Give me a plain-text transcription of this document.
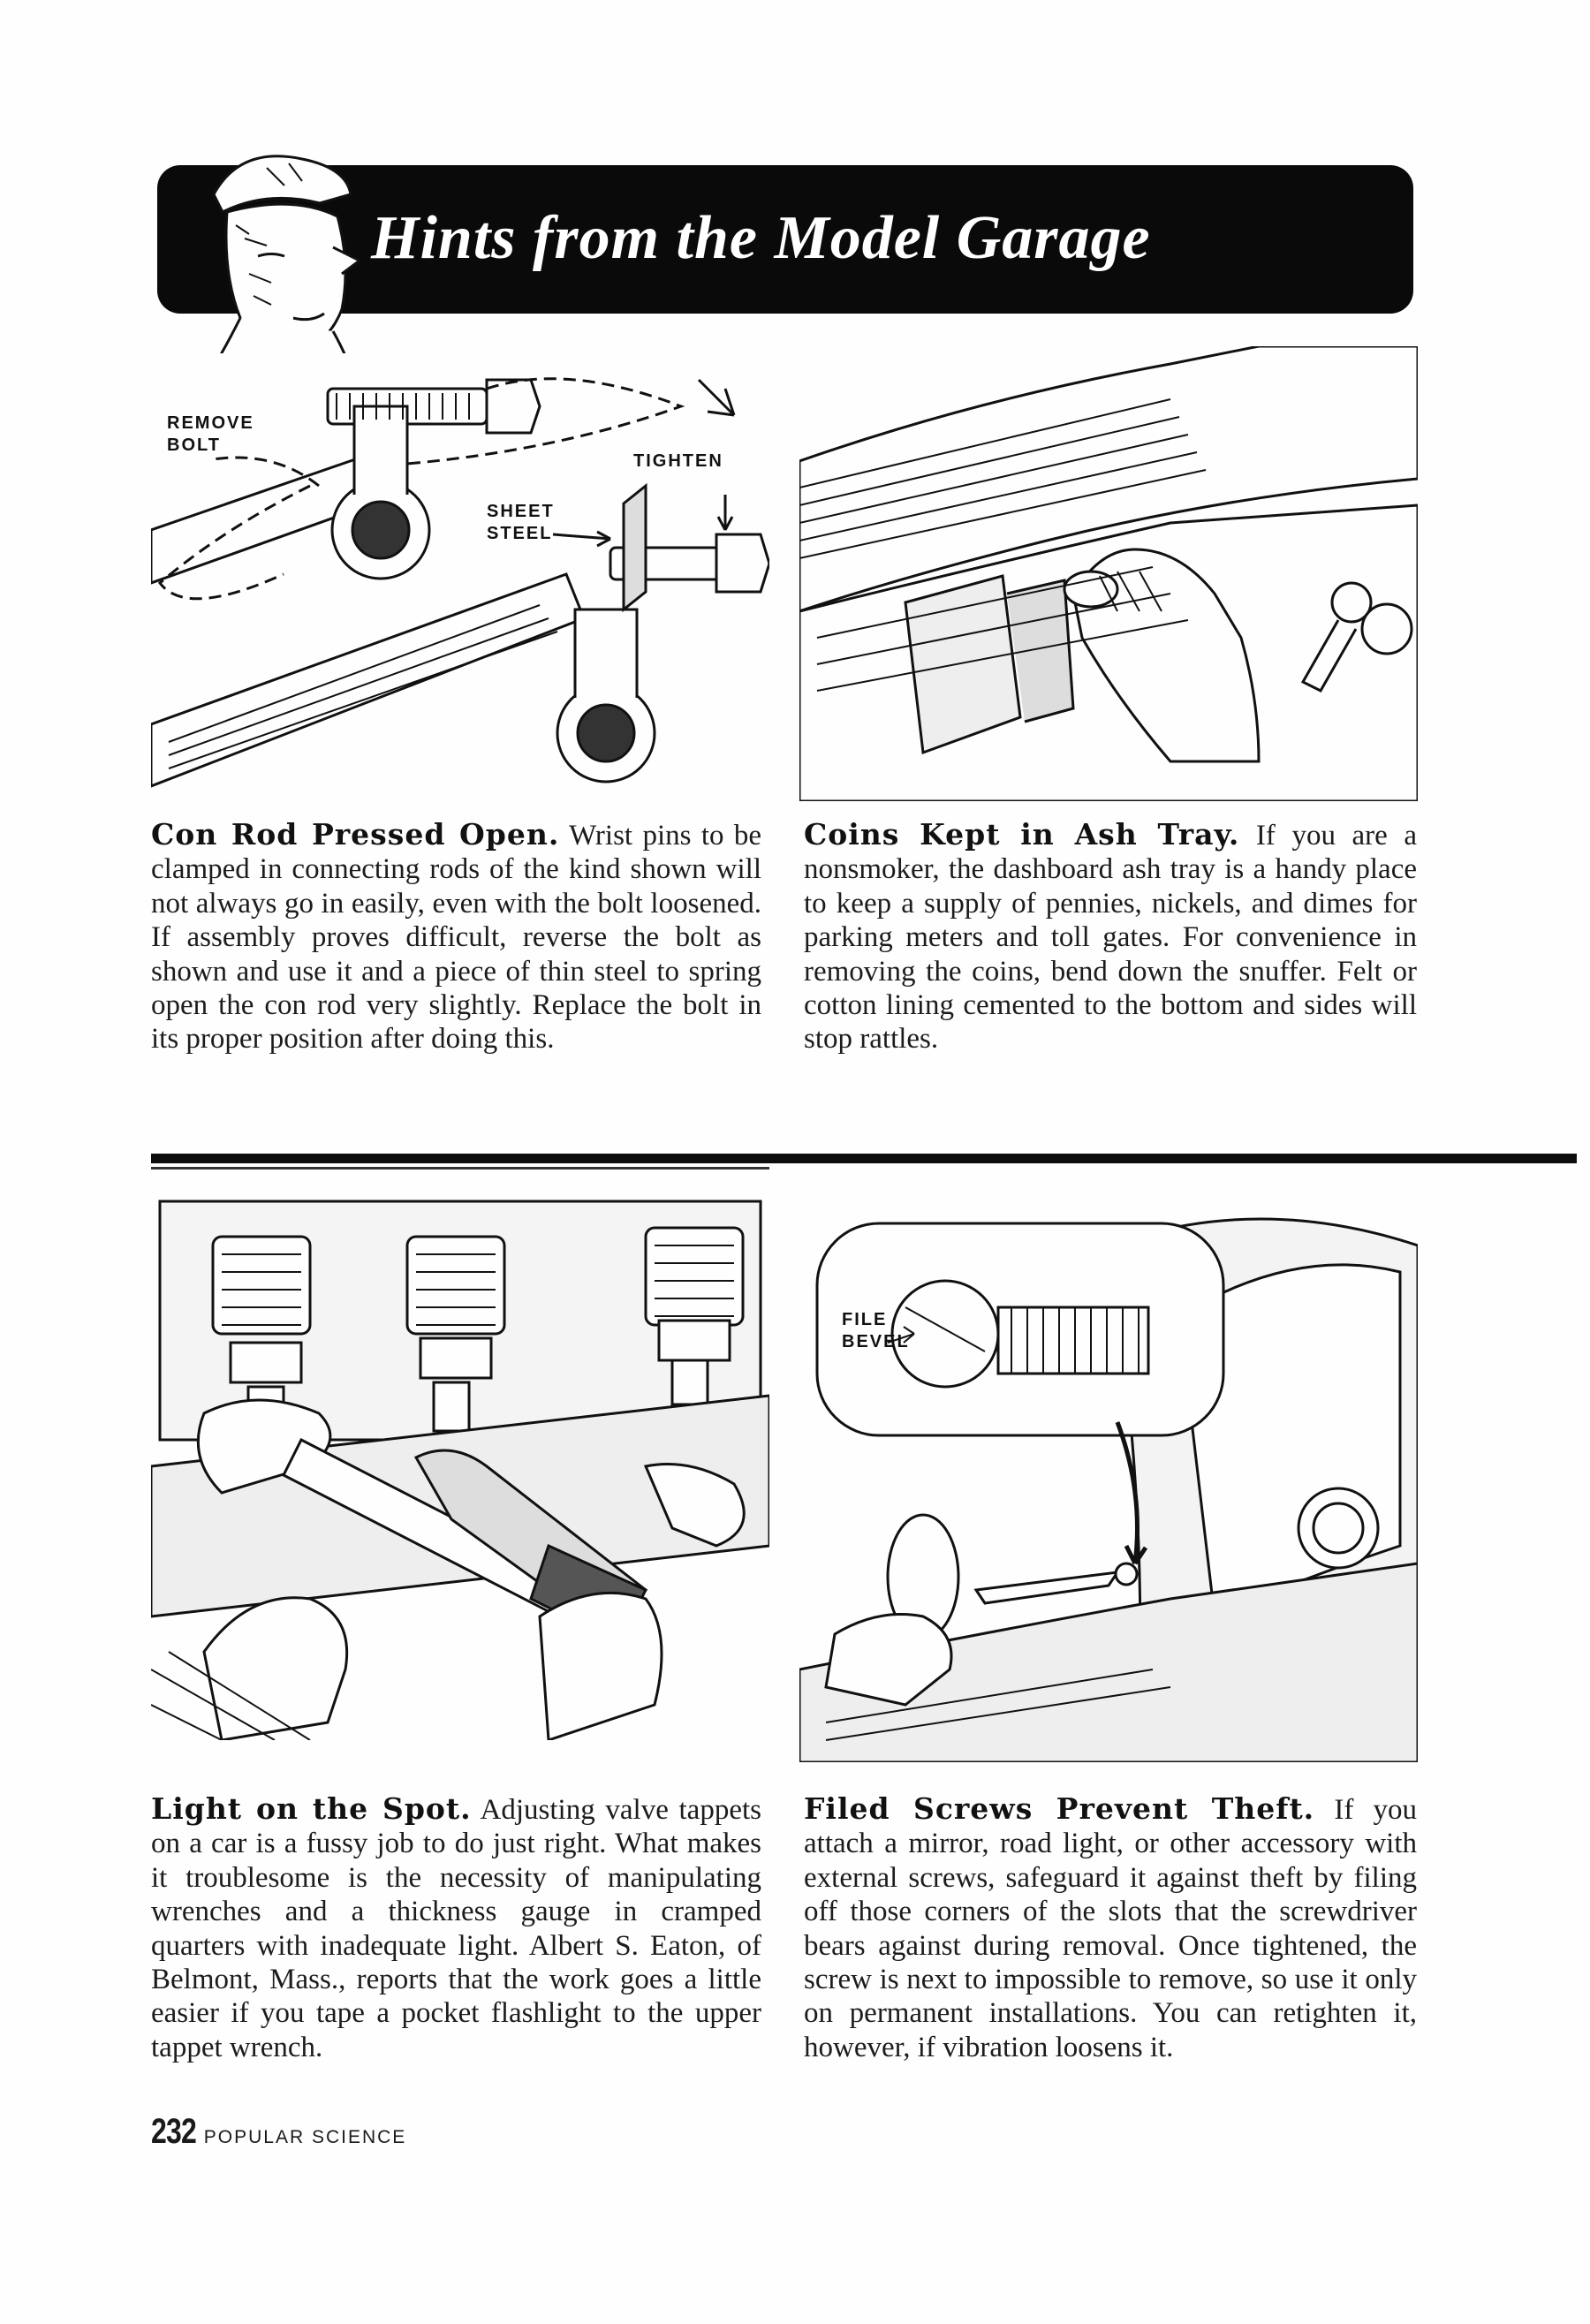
Hints from the Model Garage
REMOVE
BOLT
TIGHTEN
SHEET
STEEL
Con Rod Pressed Open. Wrist pins to be clamped in connecting rods of the kind shown will not always go in easily, even with the bolt loosened. If assembly proves difficult, reverse the bolt as shown and use it and a piece of thin steel to spring open the con rod very slightly. Replace the bolt in its proper position after doing this.
Coins Kept in Ash Tray. If you are a nonsmoker, the dashboard ash tray is a handy place to keep a supply of pennies, nickels, and dimes for parking meters and toll gates. For convenience in removing the coins, bend down the snuffer. Felt or cotton lining cemented to the bottom and sides will stop rattles.
FILE
BEVEL
Light on the Spot. Adjusting valve tappets on a car is a fussy job to do just right. What makes it troublesome is the necessity of manipulating wrenches and a thickness gauge in cramped quarters with inadequate light. Albert S. Eaton, of Belmont, Mass., reports that the work goes a little easier if you tape a pocket flashlight to the upper tappet wrench.
Filed Screws Prevent Theft. If you attach a mirror, road light, or other accessory with external screws, safeguard it against theft by filing off those corners of the slots that the screwdriver bears against during removal. Once tightened, the screw is next to impossible to remove, so use it only on permanent installations. You can retighten it, however, if vibration loosens it.
232 POPULAR SCIENCE
